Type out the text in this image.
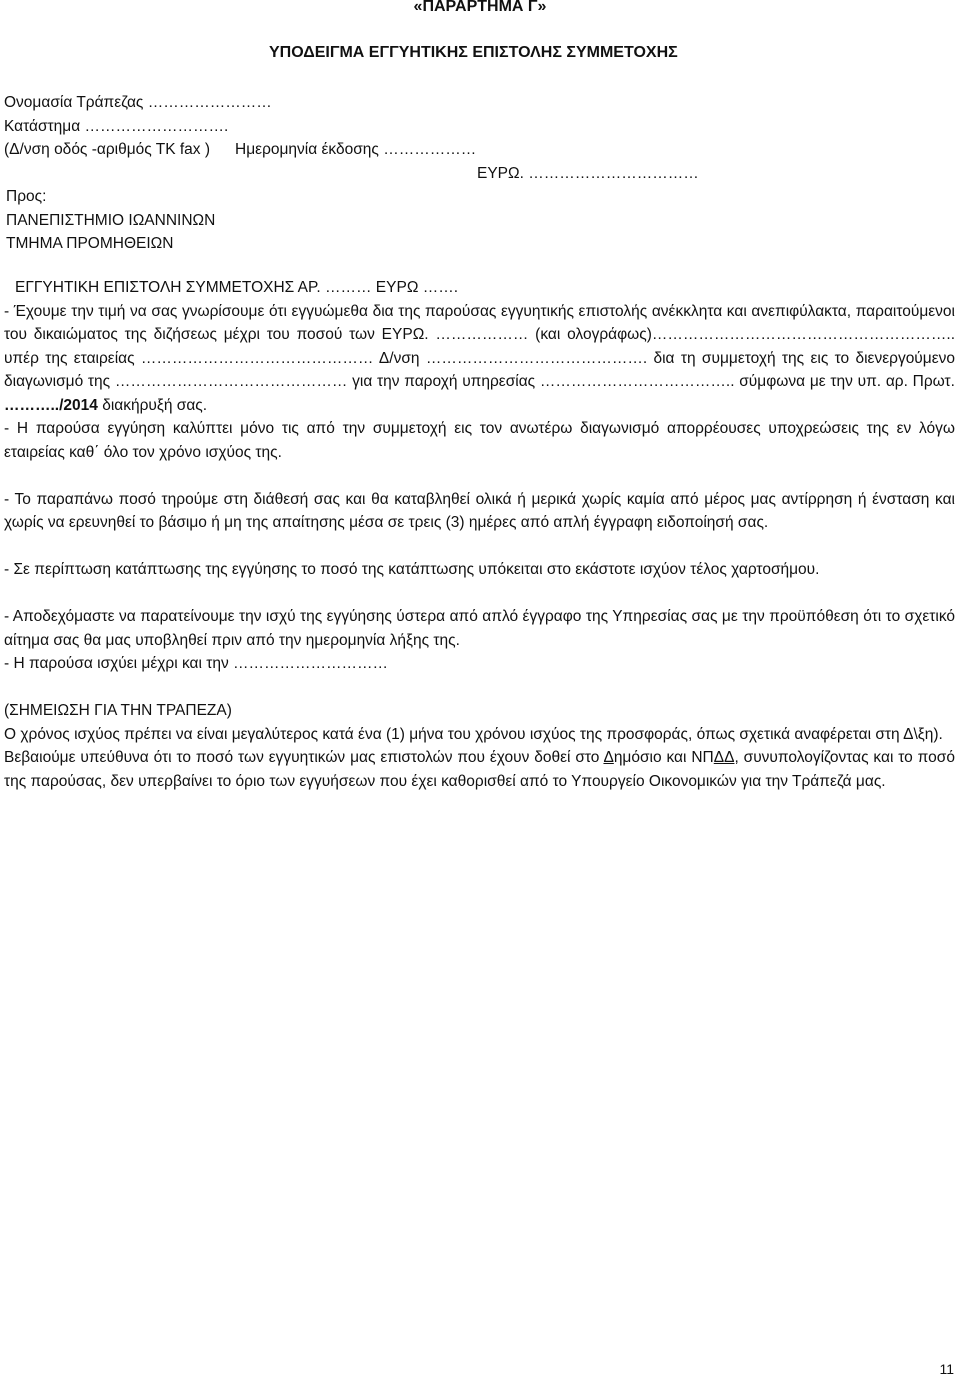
«ΠΑΡΑΡΤΗΜΑ Γ»
ΥΠΟΔΕΙΓΜΑ ΕΓΓΥΗΤΙΚΗΣ ΕΠΙΣΤΟΛΗΣ ΣΥΜΜΕΤΟΧΗΣ
Ονομασία Τράπεζας ……………………
Κατάστημα ……………………….
(Δ/νση οδός -αριθμός ΤΚ fax ) Ημερομηνία έκδοσης ………………
ΕΥΡΩ. ……………………………
Προς:
ΠΑΝΕΠΙΣΤΗΜΙΟ ΙΩΑΝΝΙΝΩΝ
ΤΜΗΜΑ ΠΡΟΜΗΘΕΙΩΝ

ΕΓΓΥΗΤΙΚΗ ΕΠΙΣΤΟΛΗ ΣΥΜΜΕΤΟΧΗΣ ΑΡ. ……… ΕΥΡΩ …….

- Έχουμε την τιμή να σας γνωρίσουμε ότι εγγυώμεθα δια της παρούσας εγγυητικής επιστολής ανέκκλητα και ανεπιφύλακτα, παραιτούμενοι του δικαιώματος της διζήσεως μέχρι του ποσού των ΕΥΡΩ. ……………… (και ολογράφως)………………………………………………….. υπέρ της εταιρείας ……………………………………… Δ/νση ……………………………………. δια τη συμμετοχή της εις το διενεργούμενο διαγωνισμό της ……………………………………… για την παροχή υπηρεσίας ……………………………….. σύμφωνα με την υπ. αρ. Πρωτ. ………../2014 διακήρυξή σας.

- Η παρούσα εγγύηση καλύπτει μόνο τις από την συμμετοχή εις τον ανωτέρω διαγωνισμό απορρέουσες υποχρεώσεις της εν λόγω εταιρείας καθ΄ όλο τον χρόνο ισχύος της.

- Το παραπάνω ποσό τηρούμε στη διάθεσή σας και θα καταβληθεί ολικά ή μερικά χωρίς καμία από μέρος μας αντίρρηση ή ένσταση και χωρίς να ερευνηθεί το βάσιμο ή μη της απαίτησης μέσα σε τρεις (3) ημέρες από απλή έγγραφη ειδοποίησή σας.

- Σε περίπτωση κατάπτωσης της εγγύησης το ποσό της κατάπτωσης υπόκειται στο εκάστοτε ισχύον τέλος χαρτοσήμου.

- Αποδεχόμαστε να παρατείνουμε την ισχύ της εγγύησης ύστερα από απλό έγγραφο της Υπηρεσίας σας με την προϋπόθεση ότι το σχετικό αίτημα σας θα μας υποβληθεί πριν από την ημερομηνία λήξης της.

- Η παρούσα ισχύει μέχρι και την …………………………

(ΣΗΜΕΙΩΣΗ ΓΙΑ ΤΗΝ ΤΡΑΠΕΖΑ)

Ο χρόνος ισχύος πρέπει να είναι μεγαλύτερος κατά ένα (1) μήνα του χρόνου ισχύος της προσφοράς, όπως σχετικά αναφέρεται στη Δ\ξη).

Βεβαιούμε υπεύθυνα ότι το ποσό των εγγυητικών μας επιστολών που έχουν δοθεί στο Δημόσιο και ΝΠΔΔ, συνυπολογίζοντας και το ποσό της παρούσας, δεν υπερβαίνει το όριο των εγγυήσεων που έχει καθορισθεί από το Υπουργείο Οικονομικών για την Τράπεζά μας.

11
